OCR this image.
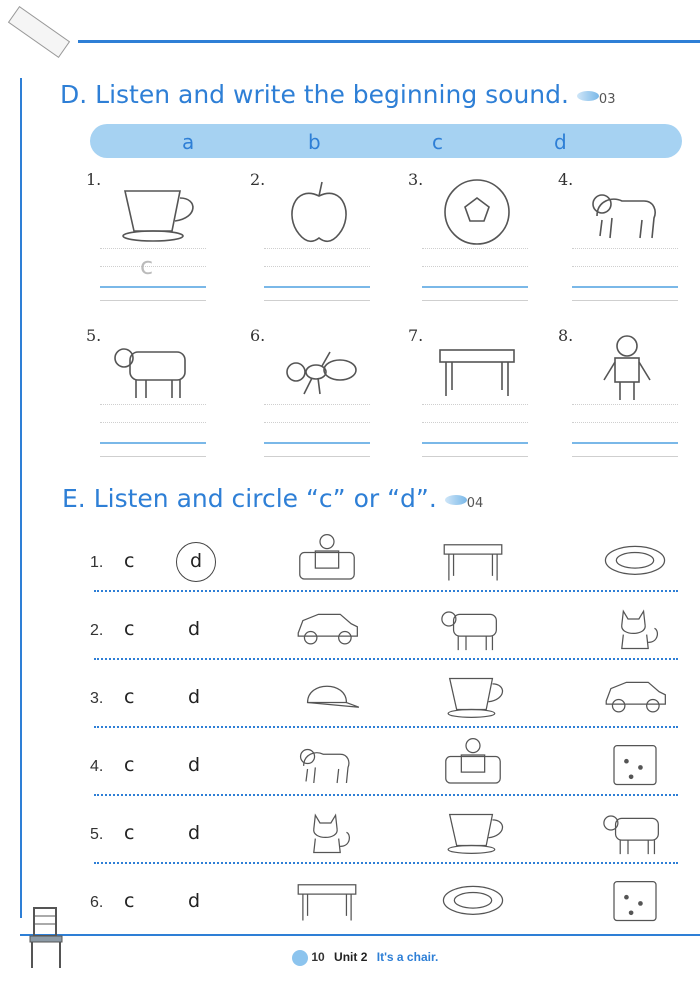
D. Listen and write the beginning sound. 03
a	b	c	d
1.
c
2.	3.	4.
5.	6.	7.	8.
E. Listen and circle “c” or “d”. 04
1. c	d
2. c	d
3. c	d
4. c	d
5. c	d
6. c	d
10 Unit 2 It's a chair.
